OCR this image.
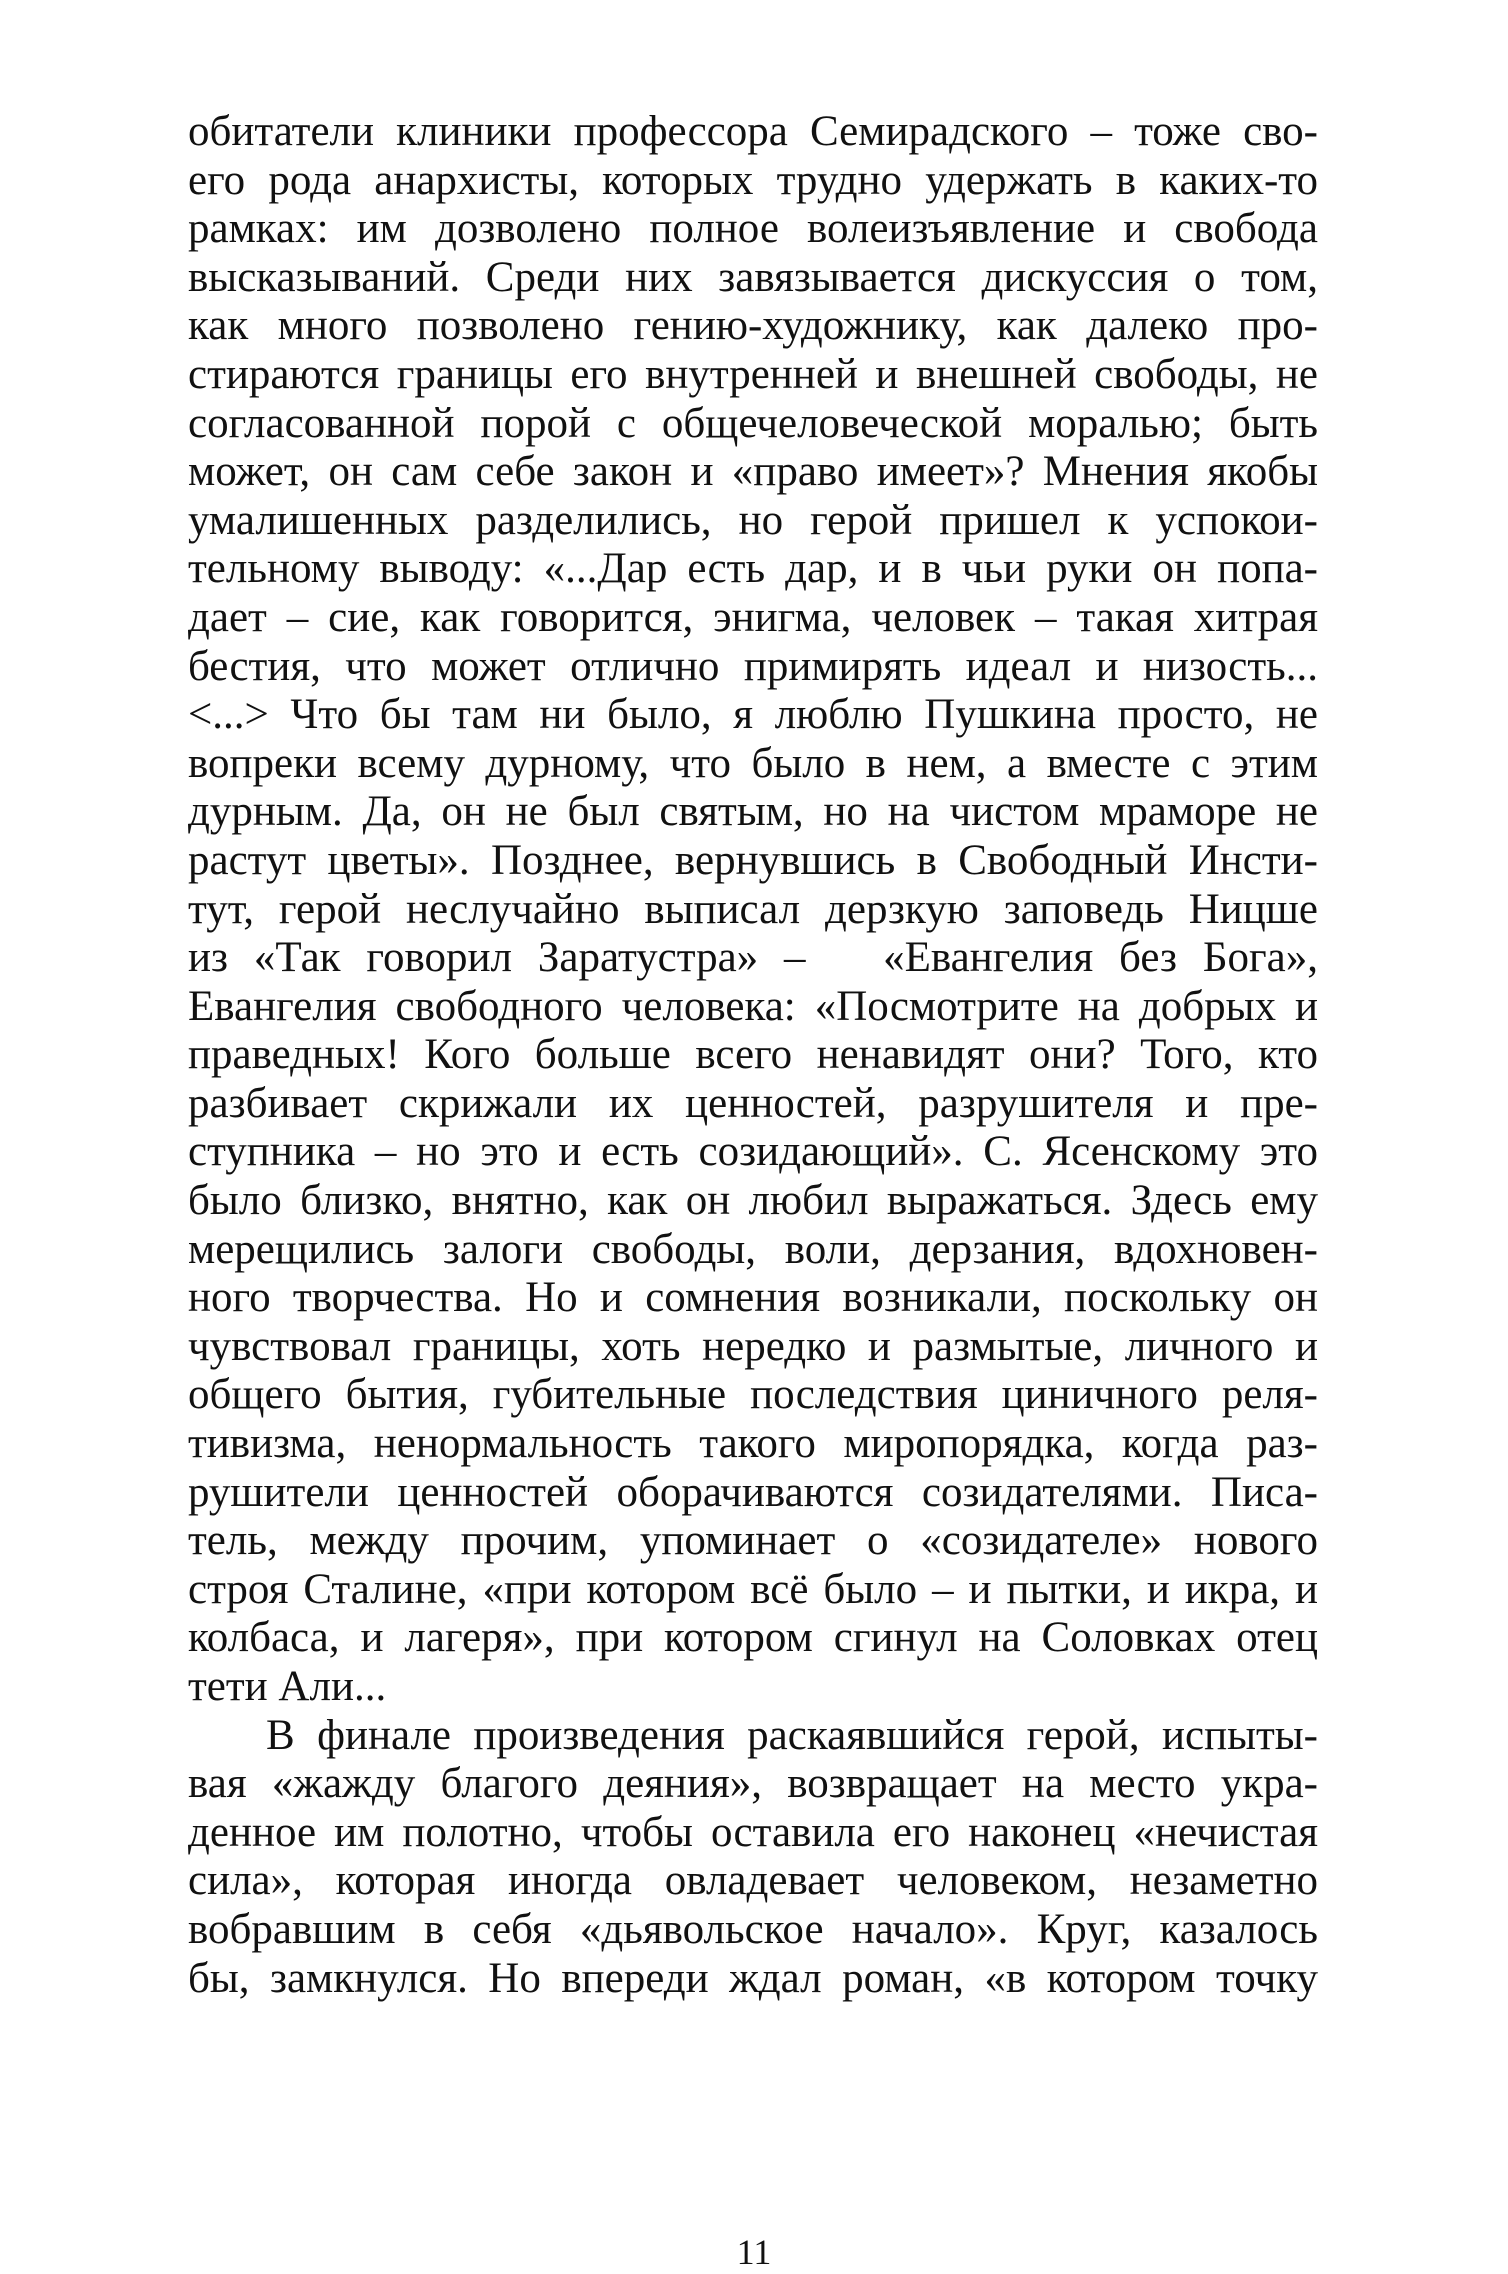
обитатели клиники профессора Семирадского – тоже сво-
его рода анархисты, которых трудно удержать в каких-то
рамках: им дозволено полное волеизъявление и свобода
высказываний. Среди них завязывается дискуссия о том,
как много позволено гению-художнику, как далеко про-
стираются границы его внутренней и внешней свободы, не
согласованной порой с общечеловеческой моралью; быть
может, он сам себе закон и «право имеет»? Мнения якобы
умалишенных разделились, но герой пришел к успокои-
тельному выводу: «...Дар есть дар, и в чьи руки он попа-
дает – сие, как говорится, энигма, человек – такая хитрая
бестия, что может отлично примирять идеал и низость...
<...> Что бы там ни было, я люблю Пушкина просто, не
вопреки всему дурному, что было в нем, а вместе с этим
дурным. Да, он не был святым, но на чистом мраморе не
растут цветы». Позднее, вернувшись в Свободный Инсти-
тут, герой неслучайно выписал дерзкую заповедь Ницше
из «Так говорил Заратустра» –   «Евангелия без Бога»,
Евангелия свободного человека: «Посмотрите на добрых и
праведных! Кого больше всего ненавидят они? Того, кто
разбивает скрижали их ценностей, разрушителя и пре-
ступника – но это и есть созидающий». С. Ясенскому это
было близко, внятно, как он любил выражаться. Здесь ему
мерещились залоги свободы, воли, дерзания, вдохновен-
ного творчества. Но и сомнения возникали, поскольку он
чувствовал границы, хоть нередко и размытые, личного и
общего бытия, губительные последствия циничного реля-
тивизма, ненормальность такого миропорядка, когда раз-
рушители ценностей оборачиваются созидателями. Писа-
тель, между прочим, упоминает о «созидателе» нового
строя Сталине, «при котором всё было – и пытки, и икра, и
колбаса, и лагеря», при котором сгинул на Соловках отец
тети Али...
В финале произведения раскаявшийся герой, испыты-
вая «жажду благого деяния», возвращает на место укра-
денное им полотно, чтобы оставила его наконец «нечистая
сила», которая иногда овладевает человеком, незаметно
вобравшим в себя «дьявольское начало». Круг, казалось
бы, замкнулся. Но впереди ждал роман, «в котором точку
11
